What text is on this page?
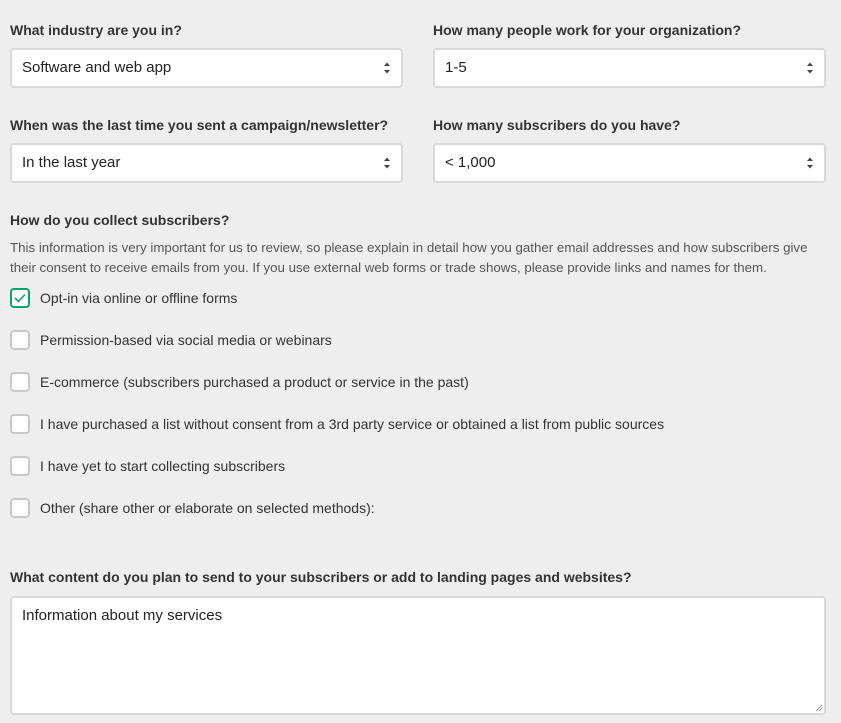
What industry are you in?
Software and web app
How many people work for your organization?
1-5
When was the last time you sent a campaign/newsletter?
In the last year
How many subscribers do you have?
< 1,000
How do you collect subscribers?
This information is very important for us to review, so please explain in detail how you gather email addresses and how subscribers give their consent to receive emails from you. If you use external web forms or trade shows, please provide links and names for them.
Opt-in via online or offline forms
Permission-based via social media or webinars
E-commerce (subscribers purchased a product or service in the past)
I have purchased a list without consent from a 3rd party service or obtained a list from public sources
I have yet to start collecting subscribers
Other (share other or elaborate on selected methods):
What content do you plan to send to your subscribers or add to landing pages and websites?
Information about my services
